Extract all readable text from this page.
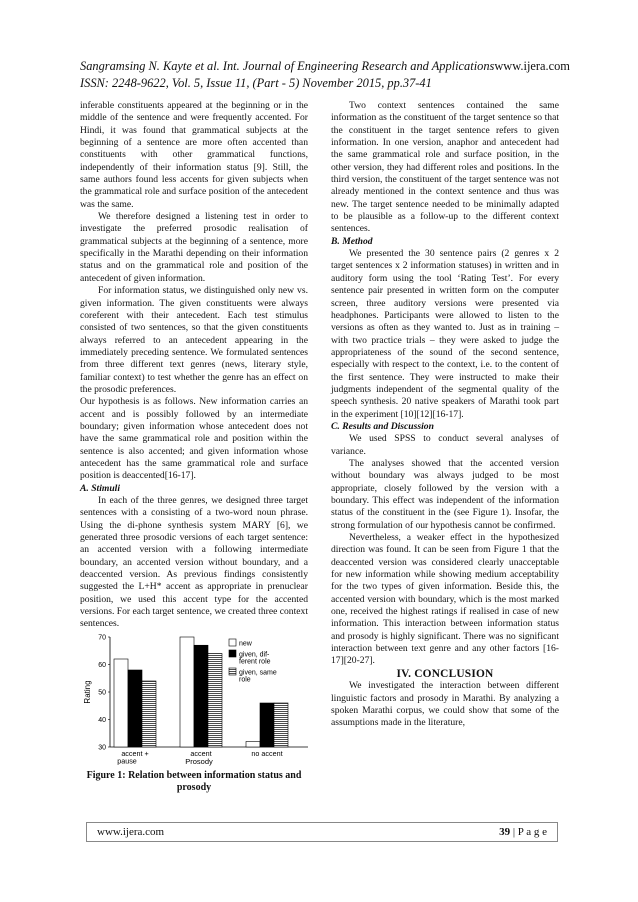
Sangramsing N. Kayte et al. Int. Journal of Engineering Research and Applications www.ijera.com
ISSN: 2248-9622, Vol. 5, Issue 11, (Part - 5) November 2015, pp.37-41

inferable constituents appeared at the beginning or in the middle of the sentence and were frequently accented. For Hindi, it was found that grammatical subjects at the beginning of a sentence are more often accented than constituents with other grammatical functions, independently of their information status [9]. Still, the same authors found less accents for given subjects when the grammatical role and surface position of the antecedent was the same.

We therefore designed a listening test in order to investigate the preferred prosodic realisation of grammatical subjects at the beginning of a sentence, more specifically in the Marathi depending on their information status and on the grammatical role and position of the antecedent of given information.

For information status, we distinguished only new vs. given information. The given constituents were always coreferent with their antecedent. Each test stimulus consisted of two sentences, so that the given constituents always referred to an antecedent appearing in the immediately preceding sentence. We formulated sentences from three different text genres (news, literary style, familiar context) to test whether the genre has an effect on the prosodic preferences.

Our hypothesis is as follows. New information carries an accent and is possibly followed by an intermediate boundary; given information whose antecedent does not have the same grammatical role and position within the sentence is also accented; and given information whose antecedent has the same grammatical role and surface position is deaccented[16-17].

A. Stimuli

In each of the three genres, we designed three target sentences with a consisting of a two-word noun phrase. Using the di-phone synthesis system MARY [6], we generated three prosodic versions of each target sentence: an accented version with a following intermediate boundary, an accented version without boundary, and a deaccented version. As previous findings consistently suggested the L+H* accent as appropriate in prenuclear position, we used this accent type for the accented versions. For each target sentence, we created three context sentences.

30
40
50
60
70
Rating
accent +
pause
accent	no accent
Prosody
new
given, dif-
ferent role
given, same
role
Figure 1: Relation between information status and prosody

Two context sentences contained the same information as the constituent of the target sentence so that the constituent in the target sentence refers to given information. In one version, anaphor and antecedent had the same grammatical role and surface position, in the other version, they had different roles and positions. In the third version, the constituent of the target sentence was not already mentioned in the context sentence and thus was new. The target sentence needed to be minimally adapted to be plausible as a follow-up to the different context sentences.

B. Method

We presented the 30 sentence pairs (2 genres x 2 target sentences x 2 information statuses) in written and in auditory form using the tool ‘Rating Test’. For every sentence pair presented in written form on the computer screen, three auditory versions were presented via headphones. Participants were allowed to listen to the versions as often as they wanted to. Just as in training – with two practice trials – they were asked to judge the appropriateness of the sound of the second sentence, especially with respect to the context, i.e. to the content of the first sentence. They were instructed to make their judgments independent of the segmental quality of the speech synthesis. 20 native speakers of Marathi took part in the experiment [10][12][16-17].

C. Results and Discussion

We used SPSS to conduct several analyses of variance.

The analyses showed that the accented version without boundary was always judged to be most appropriate, closely followed by the version with a boundary. This effect was independent of the information status of the constituent in the (see Figure 1). Insofar, the strong formulation of our hypothesis cannot be confirmed.

Nevertheless, a weaker effect in the hypothesized direction was found. It can be seen from Figure 1 that the deaccented version was considered clearly unacceptable for new information while showing medium acceptability for the two types of given information. Beside this, the accented version with boundary, which is the most marked one, received the highest ratings if realised in case of new information. This interaction between information status and prosody is highly significant. There was no significant interaction between text genre and any other factors [16-17][20-27].

IV. CONCLUSION

We investigated the interaction between different linguistic factors and prosody in Marathi. By analyzing a spoken Marathi corpus, we could show that some of the assumptions made in the literature,

www.ijera.com	39 | P a g e
